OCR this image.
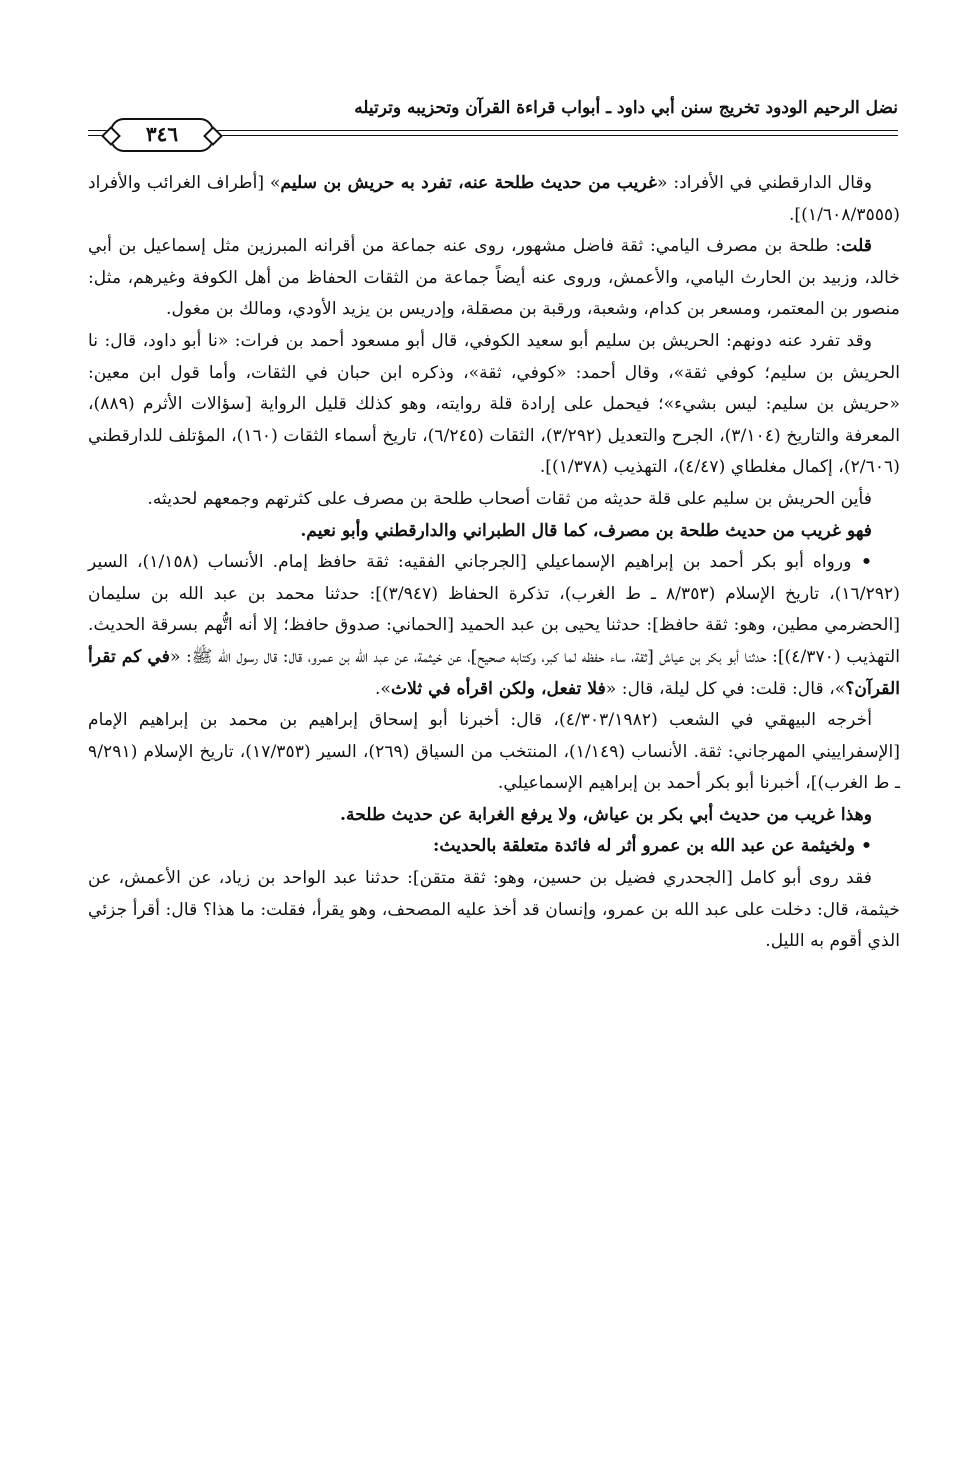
نضل الرحيم الودود تخريج سنن أبي داود ـ أبواب قراءة القرآن وتحزيبه وترتيله
٣٤٦

وقال الدارقطني في الأفراد: «غريب من حديث طلحة عنه، تفرد به حريش بن سليم» [أطراف الغرائب والأفراد (١/٦٠٨/٣٥٥٥)].

قلت: طلحة بن مصرف اليامي: ثقة فاضل مشهور، روى عنه جماعة من أقرانه المبرزين مثل إسماعيل بن أبي خالد، وزبيد بن الحارث اليامي، والأعمش، وروى عنه أيضاً جماعة من الثقات الحفاظ من أهل الكوفة وغيرهم، مثل: منصور بن المعتمر، ومسعر بن كدام، وشعبة، ورقبة بن مصقلة، وإدريس بن يزيد الأودي، ومالك بن مغول.

وقد تفرد عنه دونهم: الحريش بن سليم أبو سعيد الكوفي، قال أبو مسعود أحمد بن فرات: «نا أبو داود، قال: نا الحريش بن سليم؛ كوفي ثقة»، وقال أحمد: «كوفي، ثقة»، وذكره ابن حبان في الثقات، وأما قول ابن معين: «حريش بن سليم: ليس بشيء»؛ فيحمل على إرادة قلة روايته، وهو كذلك قليل الرواية [سؤالات الأثرم (٨٨٩)، المعرفة والتاريخ (٣/١٠٤)، الجرح والتعديل (٣/٢٩٢)، الثقات (٦/٢٤٥)، تاريخ أسماء الثقات (١٦٠)، المؤتلف للدارقطني (٢/٦٠٦)، إكمال مغلطاي (٤/٤٧)، التهذيب (١/٣٧٨)].

فأين الحريش بن سليم على قلة حديثه من ثقات أصحاب طلحة بن مصرف على كثرتهم وجمعهم لحديثه.

فهو غريب من حديث طلحة بن مصرف، كما قال الطبراني والدارقطني وأبو نعيم.

• ورواه أبو بكر أحمد بن إبراهيم الإسماعيلي [الجرجاني الفقيه: ثقة حافظ إمام. الأنساب (١/١٥٨)، السير (١٦/٢٩٢)، تاريخ الإسلام (٨/٣٥٣ ـ ط الغرب)، تذكرة الحفاظ (٣/٩٤٧)]: حدثنا محمد بن عبد الله بن سليمان [الحضرمي مطين، وهو: ثقة حافظ]: حدثنا يحيى بن عبد الحميد [الحماني: صدوق حافظ؛ إلا أنه اتُّهم بسرقة الحديث. التهذيب (٤/٣٧٠)]: حدثنا أبو بكر بن عياش [ثقة، ساء حفظه لما كبر، وكتابه صحيح]، عن خيثمة، عن عبد الله بن عمرو، قال: قال رسول الله ﷺ: «في كم تقرأ القرآن؟»، قال: قلت: في كل ليلة، قال: «فلا تفعل، ولكن اقرأه في ثلاث».

أخرجه البيهقي في الشعب (٤/٣٠٣/١٩٨٢)، قال: أخبرنا أبو إسحاق إبراهيم بن محمد بن إبراهيم الإمام [الإسفراييني المهرجاني: ثقة. الأنساب (١/١٤٩)، المنتخب من السياق (٢٦٩)، السير (١٧/٣٥٣)، تاريخ الإسلام (٩/٢٩١ ـ ط الغرب)]، أخبرنا أبو بكر أحمد بن إبراهيم الإسماعيلي.

وهذا غريب من حديث أبي بكر بن عياش، ولا يرفع الغرابة عن حديث طلحة.

• ولخيثمة عن عبد الله بن عمرو أثر له فائدة متعلقة بالحديث:

فقد روى أبو كامل [الجحدري فضيل بن حسين، وهو: ثقة متقن]: حدثنا عبد الواحد بن زياد، عن الأعمش، عن خيثمة، قال: دخلت على عبد الله بن عمرو، وإنسان قد أخذ عليه المصحف، وهو يقرأ، فقلت: ما هذا؟ قال: أقرأ جزئي الذي أقوم به الليل.
